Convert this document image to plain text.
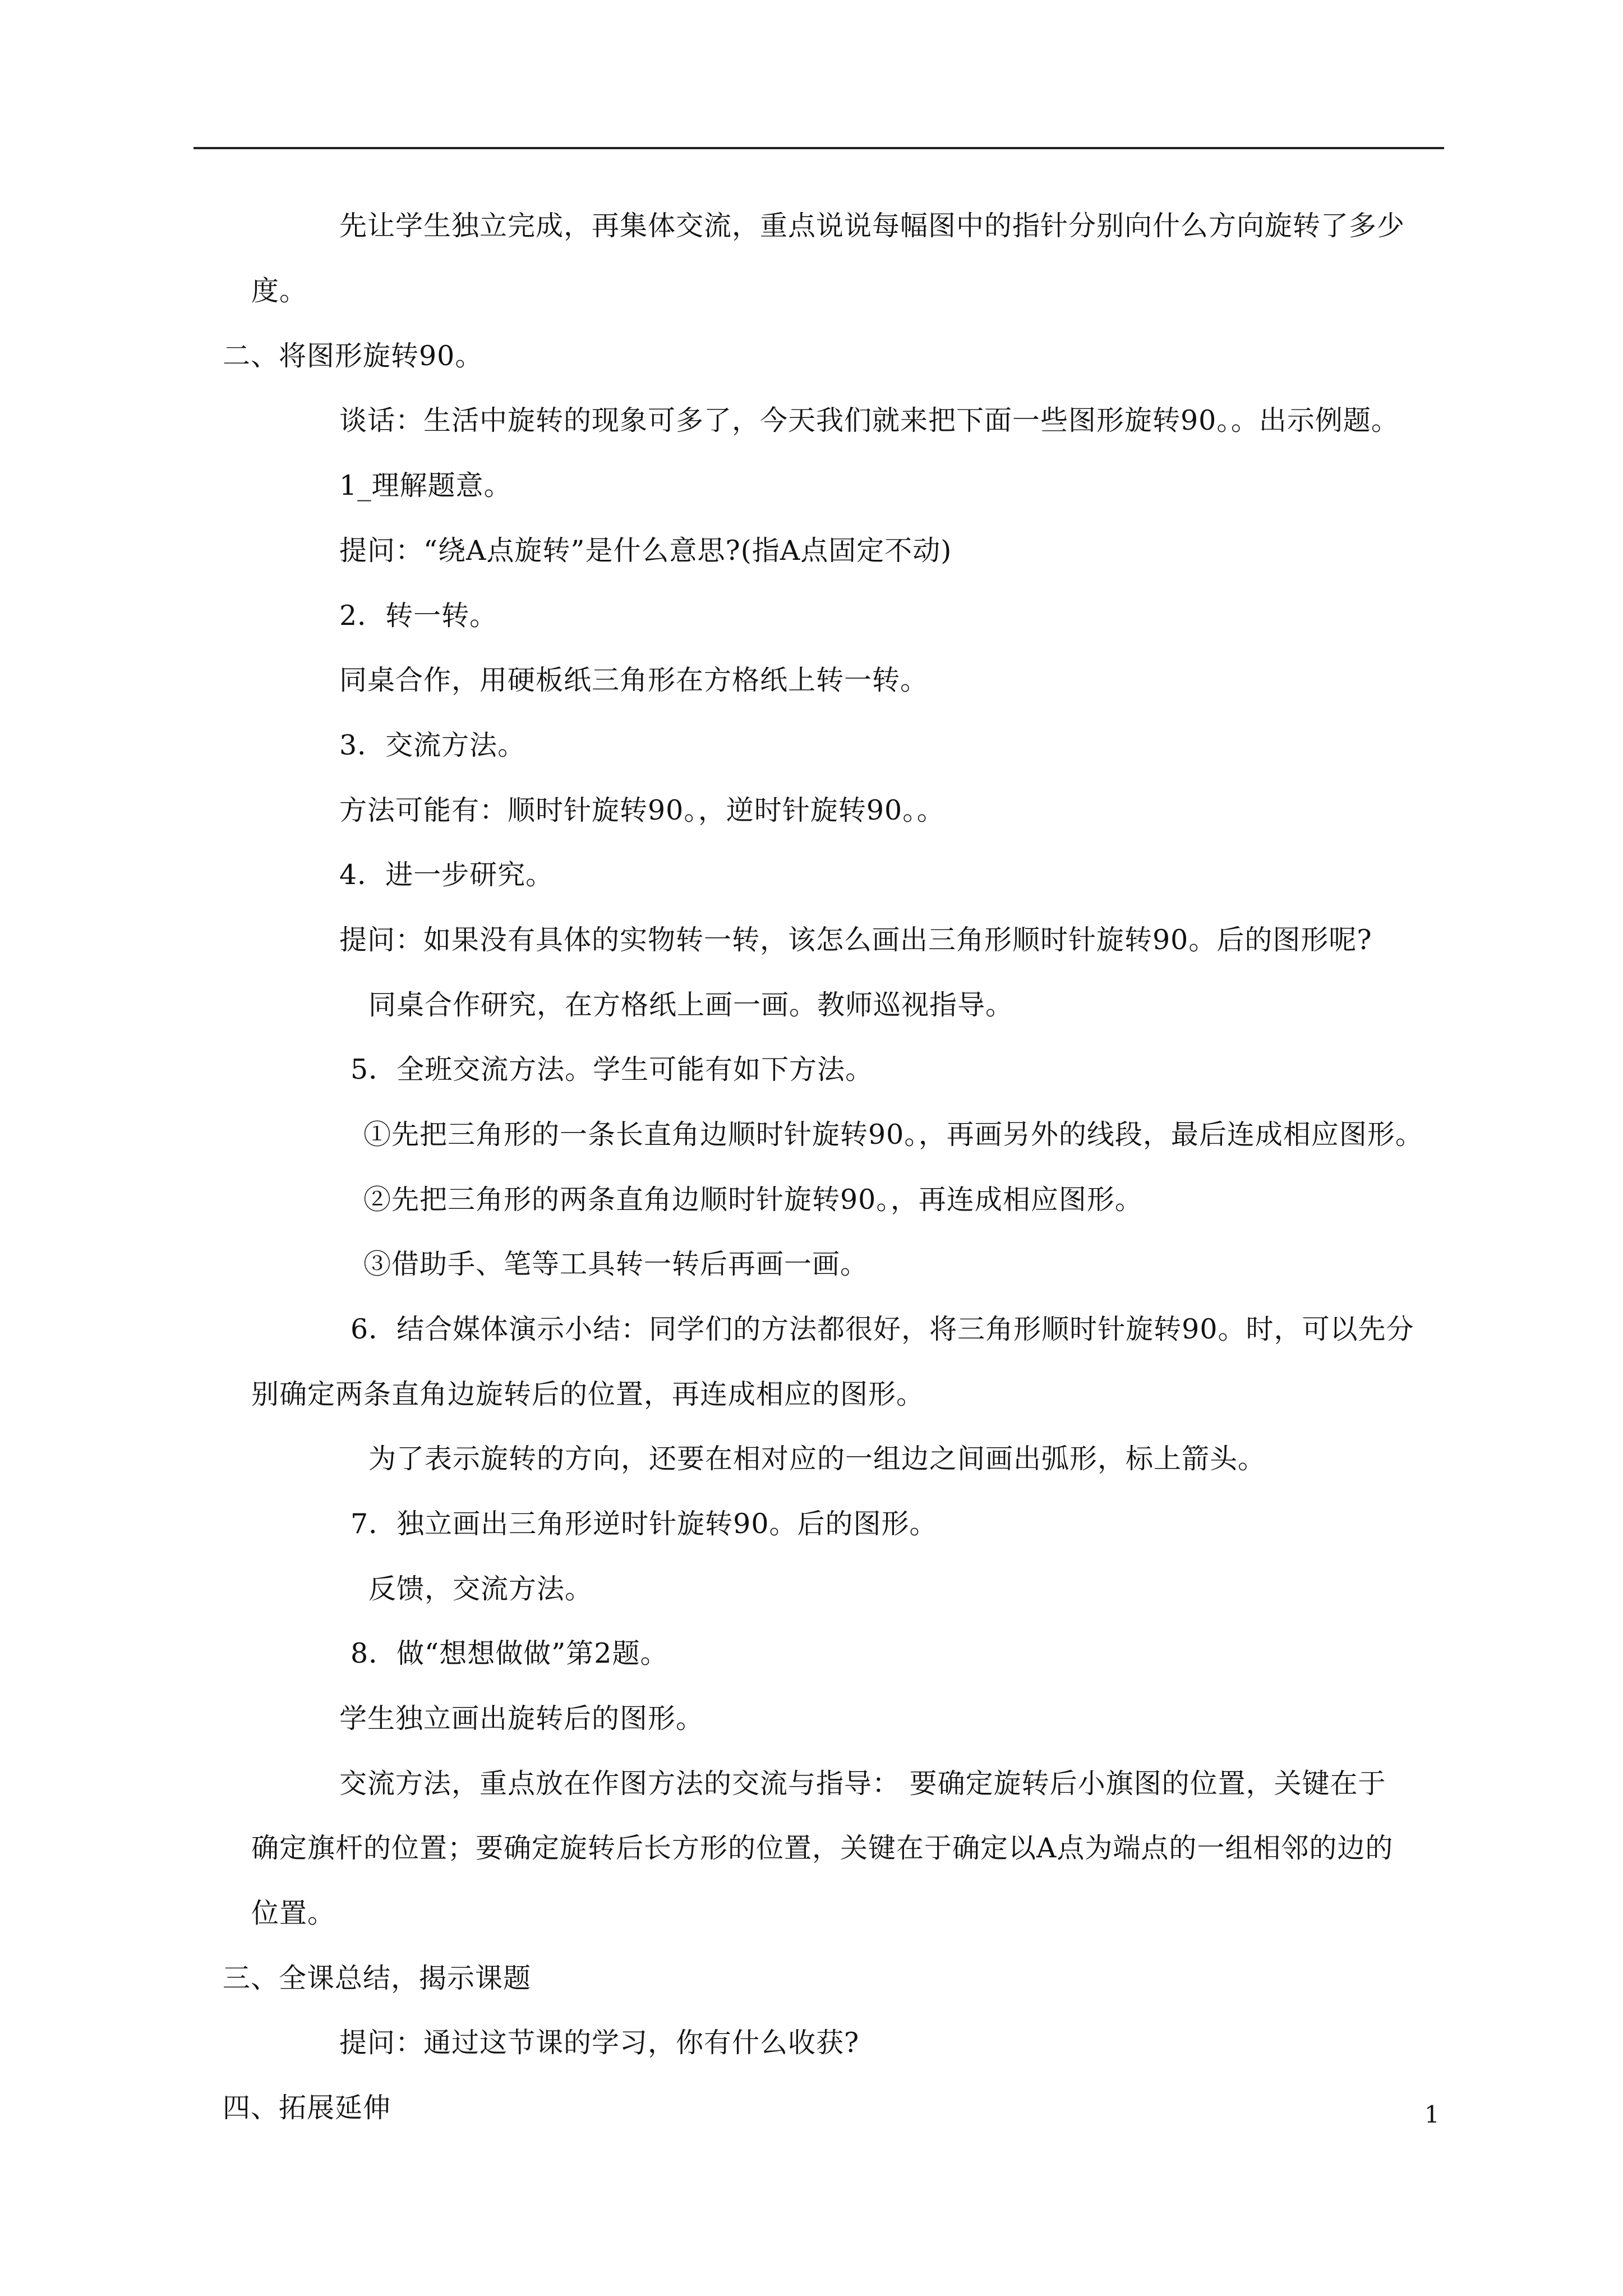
先让学生独立完成，再集体交流，重点说说每幅图中的指针分别向什么方向旋转了多少
度。
二、将图形旋转90。
谈话：生活中旋转的现象可多了，今天我们就来把下面一些图形旋转90。。出示例题。
1_理解题意。
提问：“绕A点旋转”是什么意思?(指A点固定不动)
2．转一转。
同桌合作，用硬板纸三角形在方格纸上转一转。
3．交流方法。
方法可能有：顺时针旋转90。，逆时针旋转90。。
4．进一步研究。
提问：如果没有具体的实物转一转，该怎么画出三角形顺时针旋转90。后的图形呢?
同桌合作研究，在方格纸上画一画。教师巡视指导。
5．全班交流方法。学生可能有如下方法。
①先把三角形的一条长直角边顺时针旋转90。，再画另外的线段，最后连成相应图形。
②先把三角形的两条直角边顺时针旋转90。，再连成相应图形。
③借助手、笔等工具转一转后再画一画。
6．结合媒体演示小结：同学们的方法都很好，将三角形顺时针旋转90。时，可以先分
别确定两条直角边旋转后的位置，再连成相应的图形。
为了表示旋转的方向，还要在相对应的一组边之间画出弧形，标上箭头。
7．独立画出三角形逆时针旋转90。后的图形。
反馈，交流方法。
8．做“想想做做”第2题。
学生独立画出旋转后的图形。
交流方法，重点放在作图方法的交流与指导： 要确定旋转后小旗图的位置，关键在于
确定旗杆的位置；要确定旋转后长方形的位置，关键在于确定以A点为端点的一组相邻的边的
位置。
三、全课总结，揭示课题
提问：通过这节课的学习，你有什么收获?
四、拓展延伸	1
